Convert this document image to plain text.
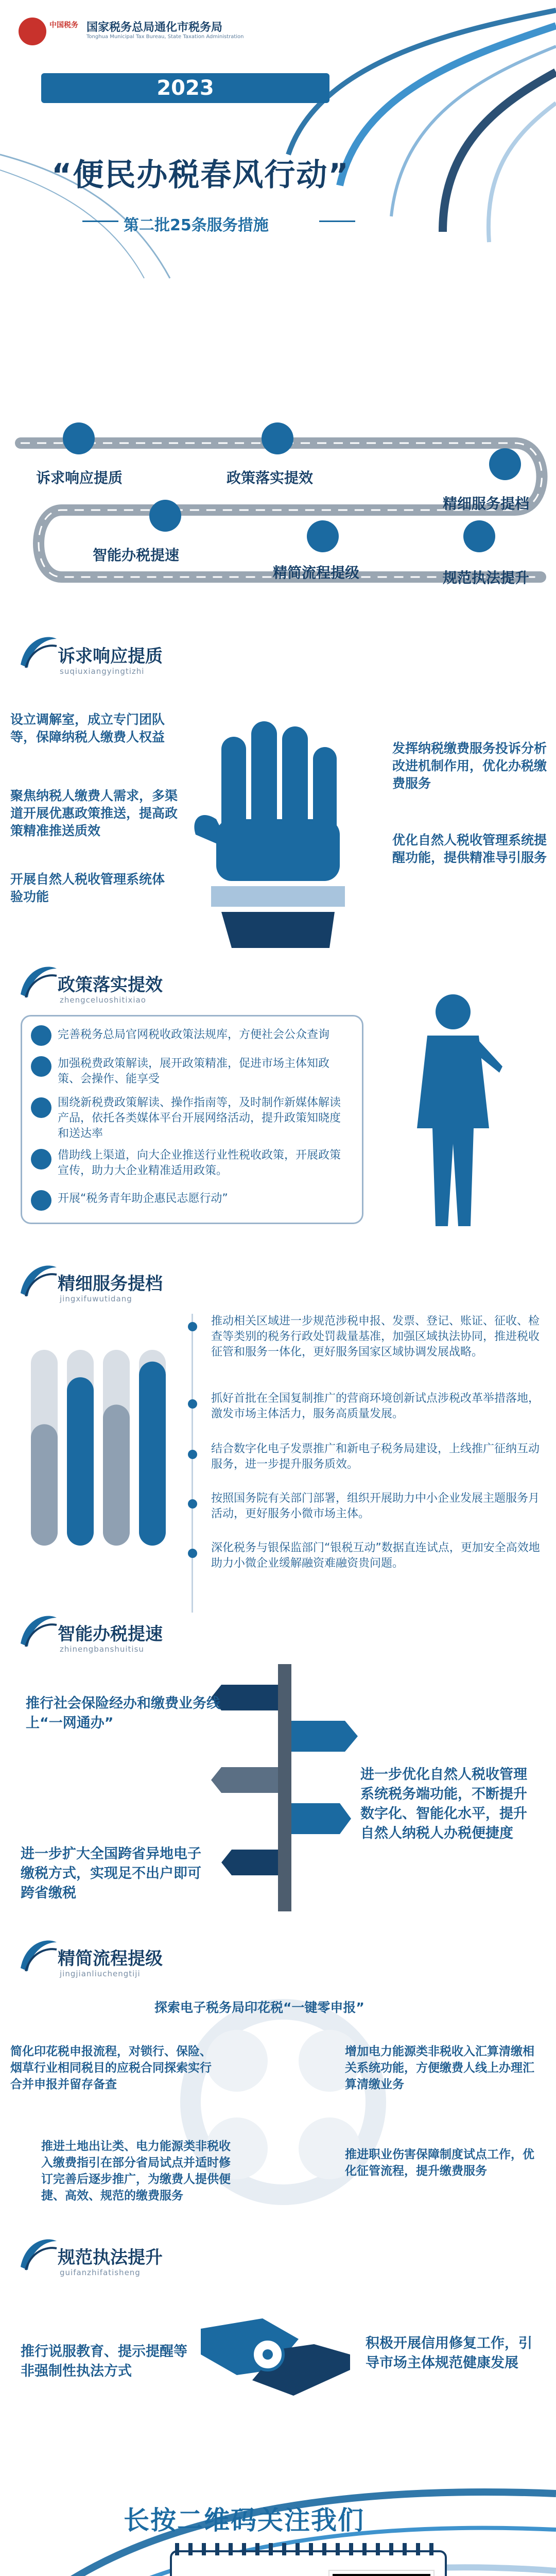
中国税务 国家税务总局通化市税务局
Tonghua Municipal Tax Bureau, State Taxation Administration
2023
“便民办税春风行动”
第二批25条服务措施
诉求响应提质	政策落实提效
精细服务提档
智能办税提速
精简流程提级	规范执法提升
诉求响应提质
suqiuxiangyingtizhi
设立调解室，成立专门团队等，保障纳税人缴费人权益
聚焦纳税人缴费人需求，多渠道开展优惠政策推送，提高政策精准推送质效
开展自然人税收管理系统体验功能
发挥纳税缴费服务投诉分析改进机制作用，优化办税缴费服务
优化自然人税收管理系统提醒功能，提供精准导引服务
政策落实提效
zhengceluoshitixiao
完善税务总局官网税收政策法规库，方便社会公众查询
加强税费政策解读，展开政策精准，促进市场主体知政策、会操作、能享受
围绕新税费政策解读、操作指南等，及时制作新媒体解读产品，依托各类媒体平台开展网络活动，提升政策知晓度和送达率
借助线上渠道，向大企业推送行业性税收政策，开展政策宣传，助力大企业精准适用政策。
开展“税务青年助企惠民志愿行动”
精细服务提档
jingxifuwutidang
推动相关区域进一步规范涉税申报、发票、登记、账证、征收、检查等类别的税务行政处罚裁量基准，加强区域执法协同，推进税收征管和服务一体化，更好服务国家区域协调发展战略。
抓好首批在全国复制推广的营商环境创新试点涉税改革举措落地，激发市场主体活力，服务高质量发展。
结合数字化电子发票推广和新电子税务局建设，上线推广征纳互动服务，进一步提升服务质效。
按照国务院有关部门部署，组织开展助力中小企业发展主题服务月活动，更好服务小微市场主体。
深化税务与银保监部门“银税互动”数据直连试点，更加安全高效地助力小微企业缓解融资难融资贵问题。
智能办税提速
zhinengbanshuitisu
推行社会保险经办和缴费业务线上“一网通办”
进一步优化自然人税收管理系统税务端功能，不断提升数字化、智能化水平，提升自然人纳税人办税便捷度
进一步扩大全国跨省异地电子缴税方式，实现足不出户即可跨省缴税
精简流程提级
jingjianliuchengtiji
探索电子税务局印花税“一键零申报”
简化印花税申报流程，对锁行、保险、烟草行业相同税目的应税合同探索实行合并申报并留存备查
增加电力能源类非税收入汇算清缴相关系统功能，方便缴费人线上办理汇算清缴业务
推进土地出让类、电力能源类非税收入缴费指引在部分省局试点并适时修订完善后逐步推广，为缴费人提供便捷、高效、规范的缴费服务
推进职业伤害保障制度试点工作，优化征管流程，提升缴费服务
规范执法提升
guifanzhifatisheng
推行说服教育、提示提醒等非强制性执法方式
积极开展信用修复工作，引导市场主体规范健康发展
长按二维码关注我们
